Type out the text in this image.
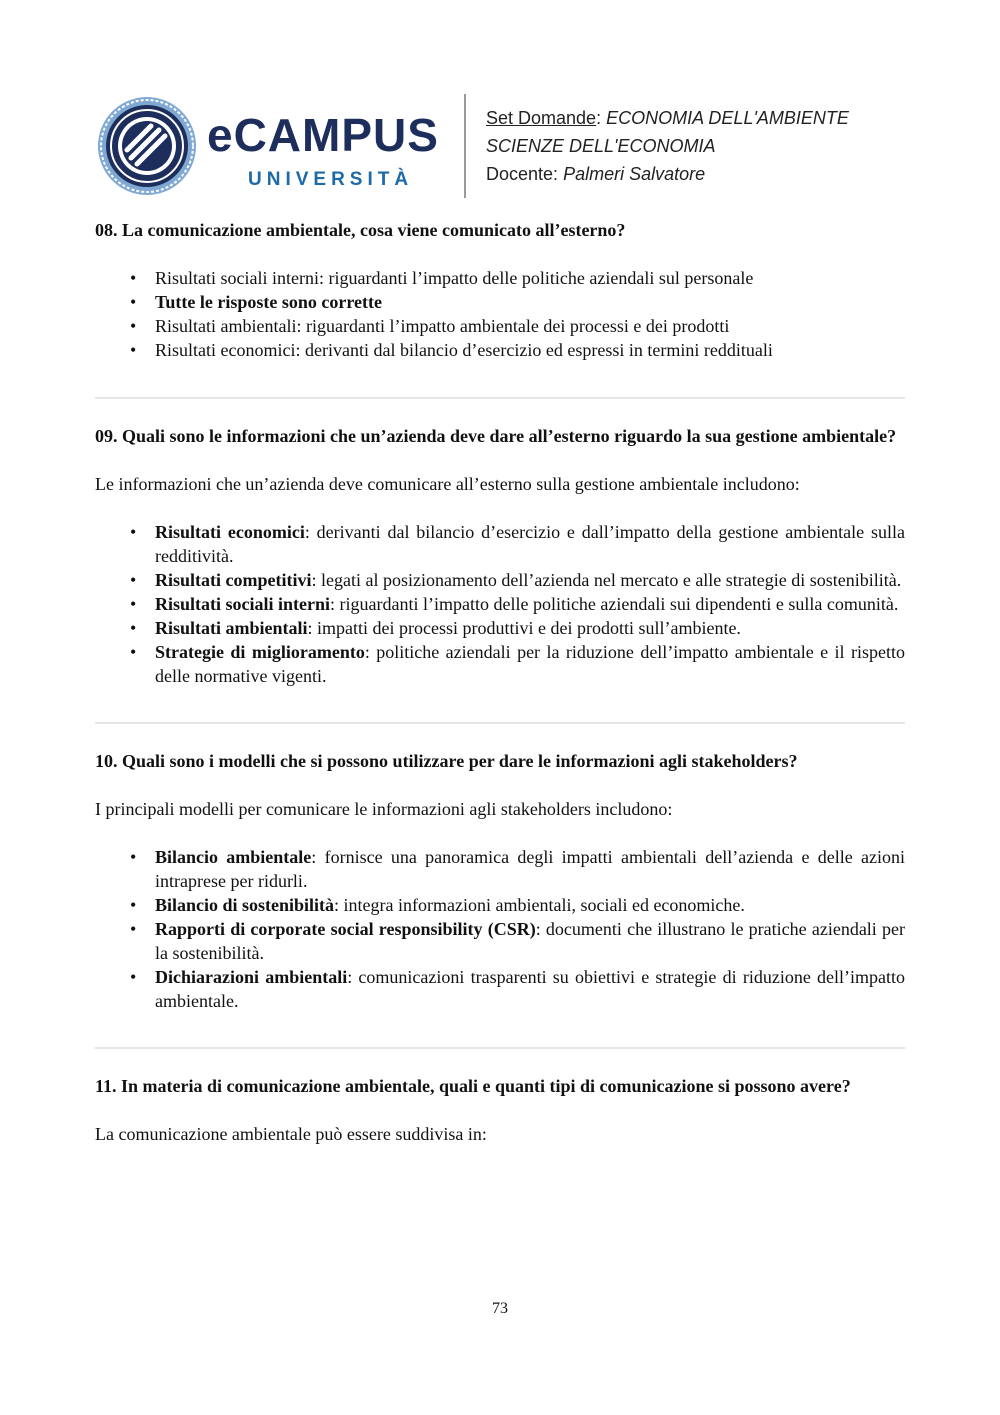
eCAMPUS
UNIVERSITÀ
Set Domande: ECONOMIA DELL'AMBIENTE
SCIENZE DELL'ECONOMIA
Docente: Palmeri Salvatore

08. La comunicazione ambientale, cosa viene comunicato all’esterno?

• Risultati sociali interni: riguardanti l’impatto delle politiche aziendali sul personale
• Tutte le risposte sono corrette
• Risultati ambientali: riguardanti l’impatto ambientale dei processi e dei prodotti
• Risultati economici: derivanti dal bilancio d’esercizio ed espressi in termini reddituali

09. Quali sono le informazioni che un’azienda deve dare all’esterno riguardo la sua gestione ambientale?

Le informazioni che un’azienda deve comunicare all’esterno sulla gestione ambientale includono:

• Risultati economici: derivanti dal bilancio d’esercizio e dall’impatto della gestione ambientale sulla redditività.
• Risultati competitivi: legati al posizionamento dell’azienda nel mercato e alle strategie di sostenibilità.
• Risultati sociali interni: riguardanti l’impatto delle politiche aziendali sui dipendenti e sulla comunità.
• Risultati ambientali: impatti dei processi produttivi e dei prodotti sull’ambiente.
• Strategie di miglioramento: politiche aziendali per la riduzione dell’impatto ambientale e il rispetto delle normative vigenti.

10. Quali sono i modelli che si possono utilizzare per dare le informazioni agli stakeholders?

I principali modelli per comunicare le informazioni agli stakeholders includono:

• Bilancio ambientale: fornisce una panoramica degli impatti ambientali dell’azienda e delle azioni intraprese per ridurli.
• Bilancio di sostenibilità: integra informazioni ambientali, sociali ed economiche.
• Rapporti di corporate social responsibility (CSR): documenti che illustrano le pratiche aziendali per la sostenibilità.
• Dichiarazioni ambientali: comunicazioni trasparenti su obiettivi e strategie di riduzione dell’impatto ambientale.

11. In materia di comunicazione ambientale, quali e quanti tipi di comunicazione si possono avere?

La comunicazione ambientale può essere suddivisa in:

73
